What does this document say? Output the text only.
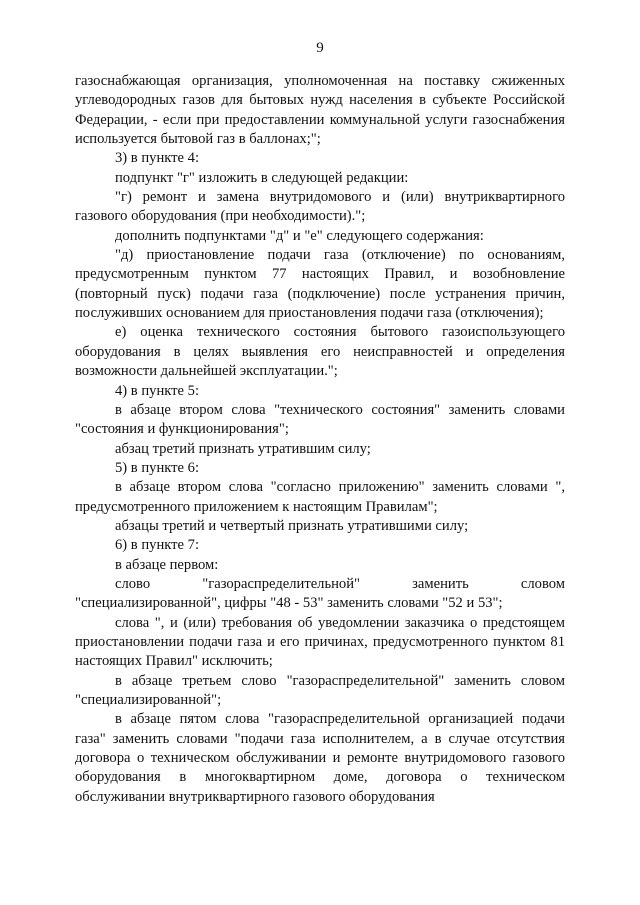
9

газоснабжающая организация, уполномоченная на поставку сжиженных углеводородных газов для бытовых нужд населения в субъекте Российской Федерации, - если при предоставлении коммунальной услуги газоснабжения используется бытовой газ в баллонах;";

3) в пункте 4:

подпункт "г" изложить в следующей редакции:

"г) ремонт и замена внутридомового и (или) внутриквартирного газового оборудования (при необходимости).";

дополнить подпунктами "д" и "е" следующего содержания:

"д) приостановление подачи газа (отключение) по основаниям, предусмотренным пунктом 77 настоящих Правил, и возобновление (повторный пуск) подачи газа (подключение) после устранения причин, послуживших основанием для приостановления подачи газа (отключения);

е) оценка технического состояния бытового газоиспользующего оборудования в целях выявления его неисправностей и определения возможности дальнейшей эксплуатации.";

4) в пункте 5:

в абзаце втором слова "технического состояния" заменить словами "состояния и функционирования";

абзац третий признать утратившим силу;

5) в пункте 6:

в абзаце втором слова "согласно приложению" заменить словами ", предусмотренного приложением к настоящим Правилам";

абзацы третий и четвертый признать утратившими силу;

6) в пункте 7:

в абзаце первом:

слово "газораспределительной" заменить словом "специализированной", цифры "48 - 53" заменить словами "52 и 53";

слова ", и (или) требования об уведомлении заказчика о предстоящем приостановлении подачи газа и его причинах, предусмотренного пунктом 81 настоящих Правил" исключить;

в абзаце третьем слово "газораспределительной" заменить словом "специализированной";

в абзаце пятом слова "газораспределительной организацией подачи газа" заменить словами "подачи газа исполнителем, а в случае отсутствия договора о техническом обслуживании и ремонте внутридомового газового оборудования в многоквартирном доме, договора о техническом обслуживании внутриквартирного газового оборудования
